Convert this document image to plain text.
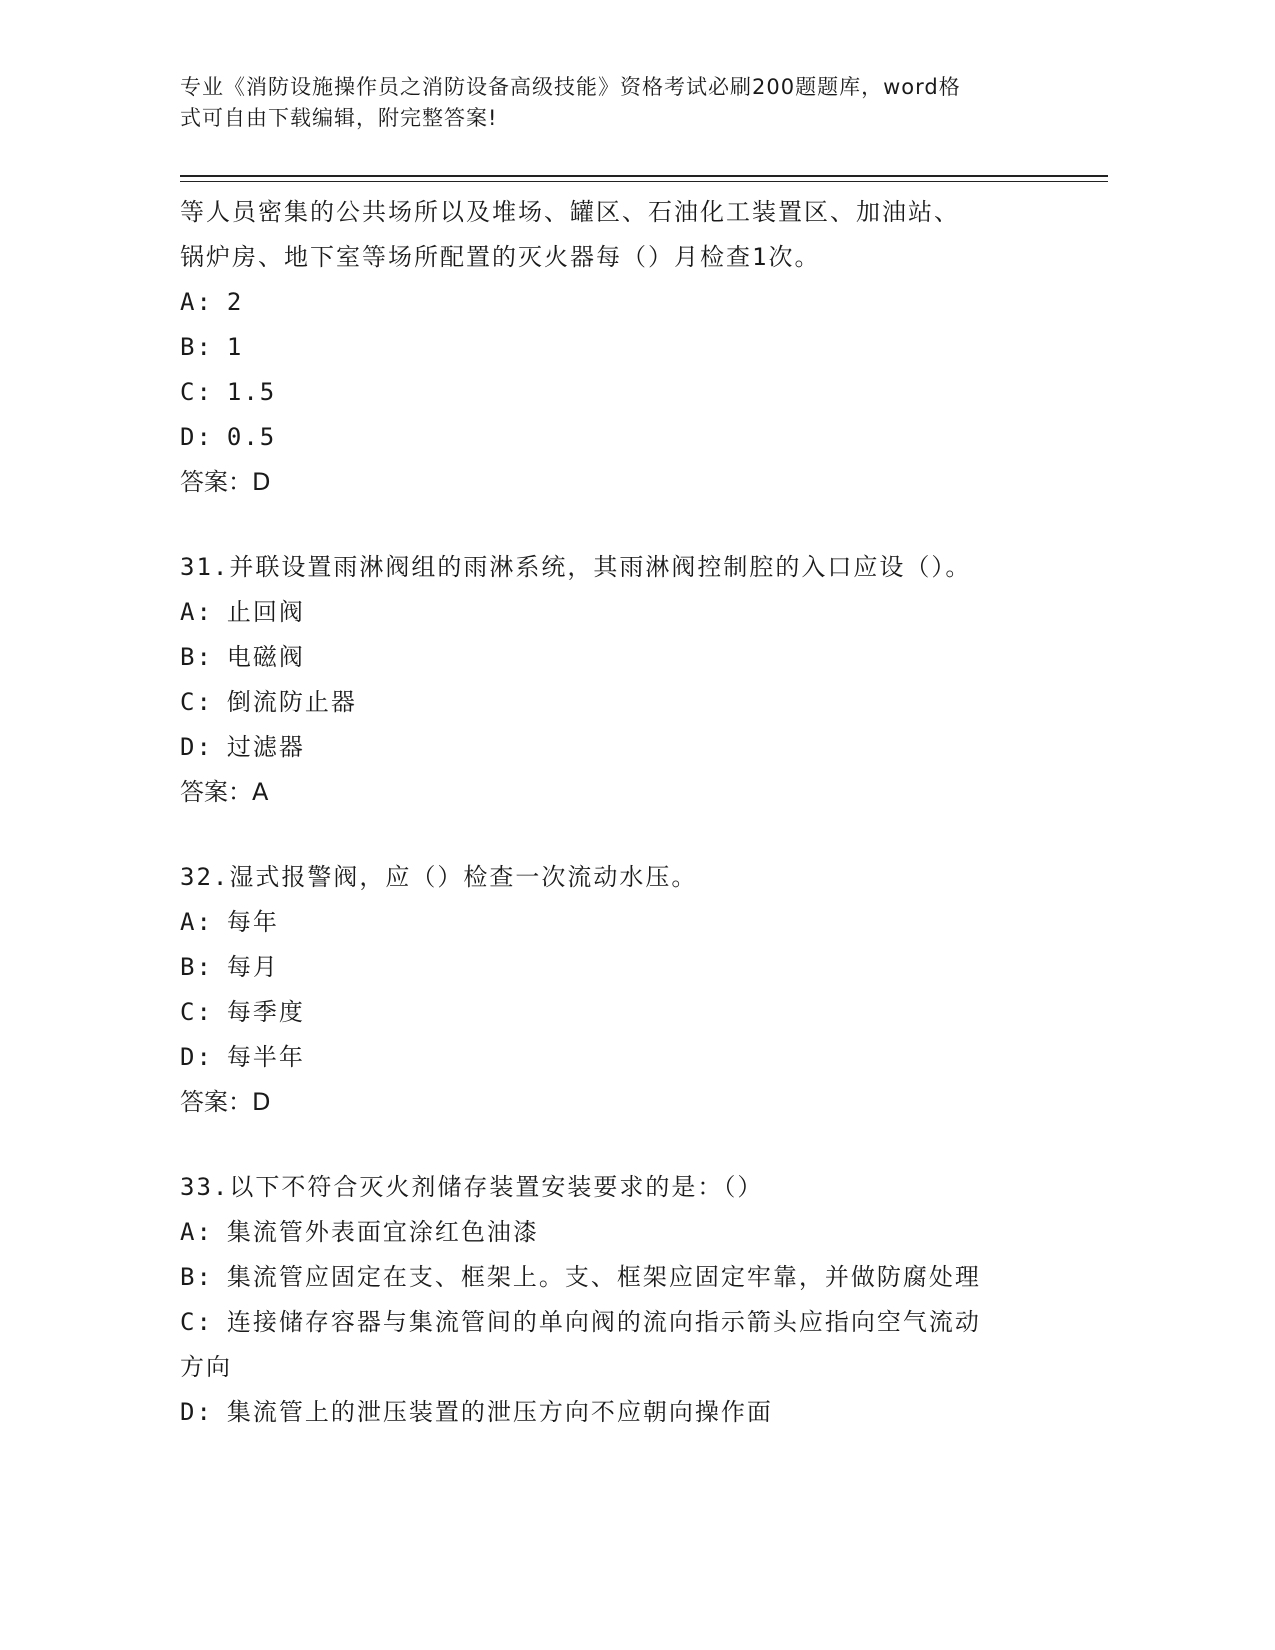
专业《消防设施操作员之消防设备高级技能》资格考试必刷200题题库，word格
式可自由下载编辑，附完整答案!
等人员密集的公共场所以及堆场、罐区、石油化工装置区、加油站、
锅炉房、地下室等场所配置的灭火器每（）月检查1次。
A: 2
B: 1
C: 1.5
D: 0.5
答案：D
31.并联设置雨淋阀组的雨淋系统，其雨淋阀控制腔的入口应设（）。
A: 止回阀
B: 电磁阀
C: 倒流防止器
D: 过滤器
答案：A
32.湿式报警阀，应（）检查一次流动水压。
A: 每年
B: 每月
C: 每季度
D: 每半年
答案：D
33.以下不符合灭火剂储存装置安装要求的是：（）
A: 集流管外表面宜涂红色油漆
B: 集流管应固定在支、框架上。支、框架应固定牢靠，并做防腐处理
C: 连接储存容器与集流管间的单向阀的流向指示箭头应指向空气流动
方向
D: 集流管上的泄压装置的泄压方向不应朝向操作面
